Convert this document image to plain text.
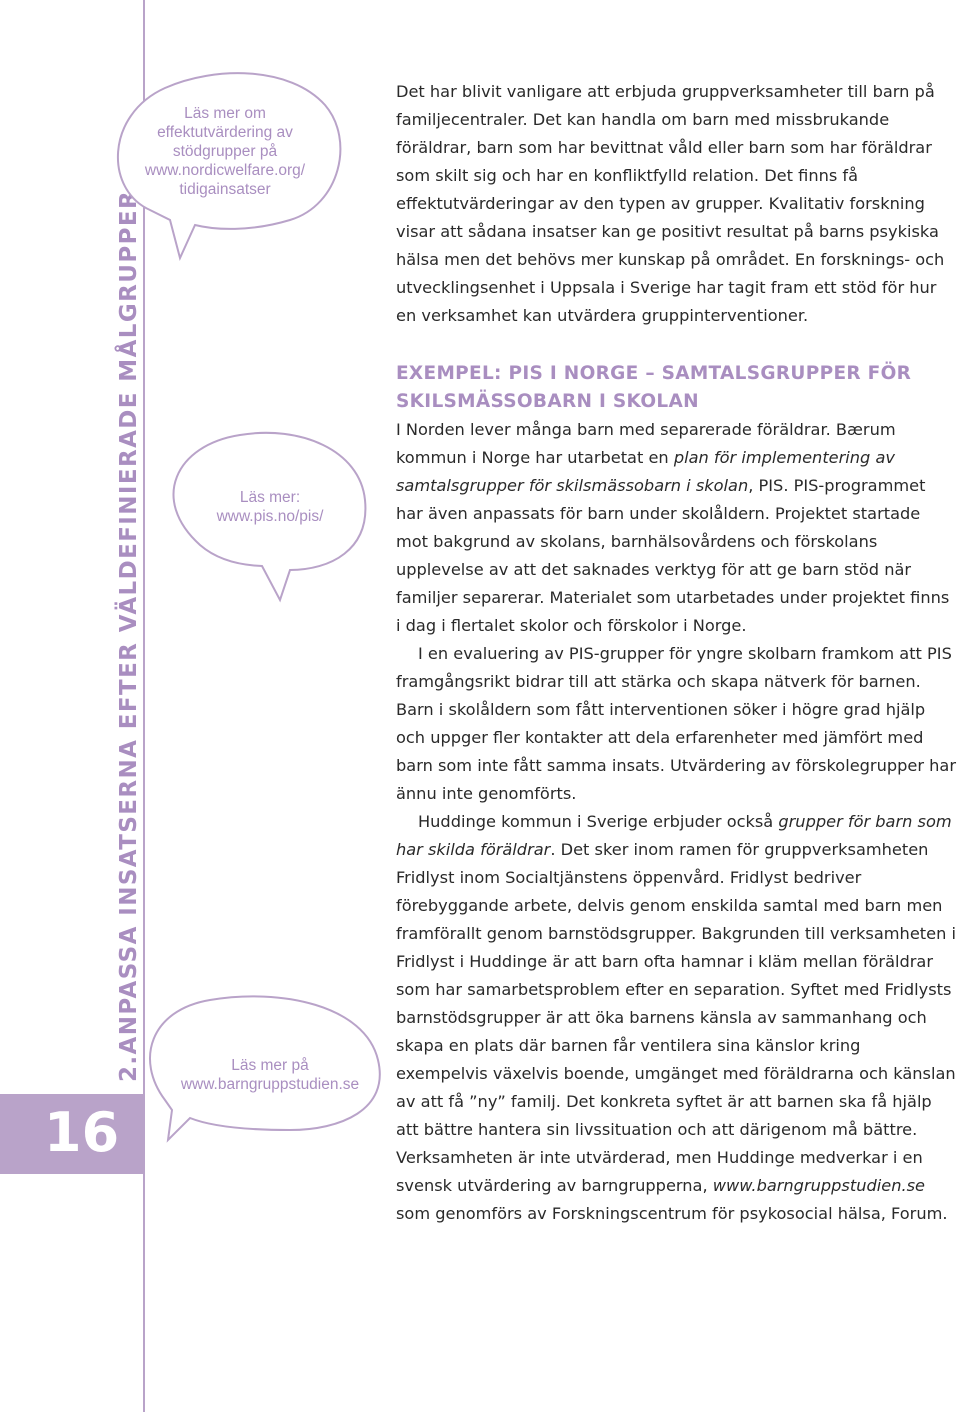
16
2.ANPASSA INSATSERNA EFTER VÄLDEFINIERADE MÅLGRUPPER
Läs mer om
effektutvärdering av
stödgrupper på
www.nordicwelfare.org/
tidigainsatser
Läs mer:
www.pis.no/pis/
Läs mer på
www.barngruppstudien.se

Det har blivit vanligare att erbjuda gruppverksamheter till barn på familjecentraler. Det kan handla om barn med missbrukande föräldrar, barn som har bevittnat våld eller barn som har föräldrar som skilt sig och har en konfliktfylld relation. Det finns få effektutvärderingar av den typen av grupper. Kvalitativ forskning visar att sådana insatser kan ge positivt resultat på barns psykiska hälsa men det behövs mer kunskap på området. En forsknings- och utvecklingsenhet i Uppsala i Sverige har tagit fram ett stöd för hur en verksamhet kan utvärdera gruppinterventioner.

EXEMPEL: PIS I NORGE – SAMTALSGRUPPER FÖR SKILSMÄSSOBARN I SKOLAN

I Norden lever många barn med separerade föräldrar. Bærum kommun i Norge har utarbetat en plan för implementering av samtalsgrupper för skilsmässobarn i skolan, PIS. PIS-programmet har även anpassats för barn under skolåldern. Projektet startade mot bakgrund av skolans, barnhälsovårdens och förskolans upplevelse av att det saknades verktyg för att ge barn stöd när familjer separerar. Materialet som utarbetades under projektet finns i dag i flertalet skolor och förskolor i Norge.

I en evaluering av PIS-grupper för yngre skolbarn framkom att PIS framgångsrikt bidrar till att stärka och skapa nätverk för barnen. Barn i skolåldern som fått interventionen söker i högre grad hjälp och uppger fler kontakter att dela erfarenheter med jämfört med barn som inte fått samma insats. Utvärdering av förskolegrupper har ännu inte genomförts.

Huddinge kommun i Sverige erbjuder också grupper för barn som har skilda föräldrar. Det sker inom ramen för gruppverksamheten Fridlyst inom Socialtjänstens öppenvård. Fridlyst bedriver förebyggande arbete, delvis genom enskilda samtal med barn men framförallt genom barnstödsgrupper. Bakgrunden till verksamheten i Fridlyst i Huddinge är att barn ofta hamnar i kläm mellan föräldrar som har samarbetsproblem efter en separation. Syftet med Fridlysts barnstödsgrupper är att öka barnens känsla av sammanhang och skapa en plats där barnen får ventilera sina känslor kring exempelvis växelvis boende, umgänget med föräldrarna och känslan av att få ”ny” familj. Det konkreta syftet är att barnen ska få hjälp att bättre hantera sin livssituation och att därigenom må bättre. Verksamheten är inte utvärderad, men Huddinge medverkar i en svensk utvärdering av barngrupperna, www.barngruppstudien.se som genomförs av Forskningscentrum för psykosocial hälsa, Forum.
